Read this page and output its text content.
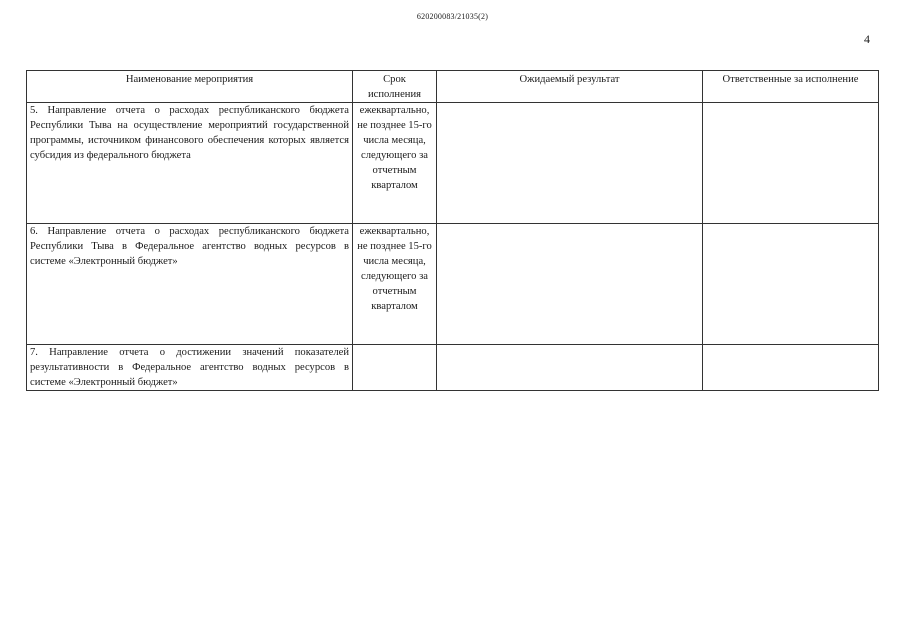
620200083/21035(2)
4
Наименование мероприятия	Срок исполнения	Ожидаемый результат	Ответственные за исполнение
5. Направление отчета о расходах республиканского бюджета Республики Тыва на осуществление мероприятий государственной программы, источником финансового обеспечения которых является субсидия из федерального бюджета	ежеквартально, не позднее 15-го числа месяца, следующего за отчетным кварталом		
6. Направление отчета о расходах республиканского бюджета Республики Тыва в Федеральное агентство водных ресурсов в системе «Электронный бюджет»	ежеквартально, не позднее 15-го числа месяца, следующего за отчетным кварталом		
7. Направление отчета о достижении значений показателей результативности в Федеральное агентство водных ресурсов в системе «Электронный бюджет»			
